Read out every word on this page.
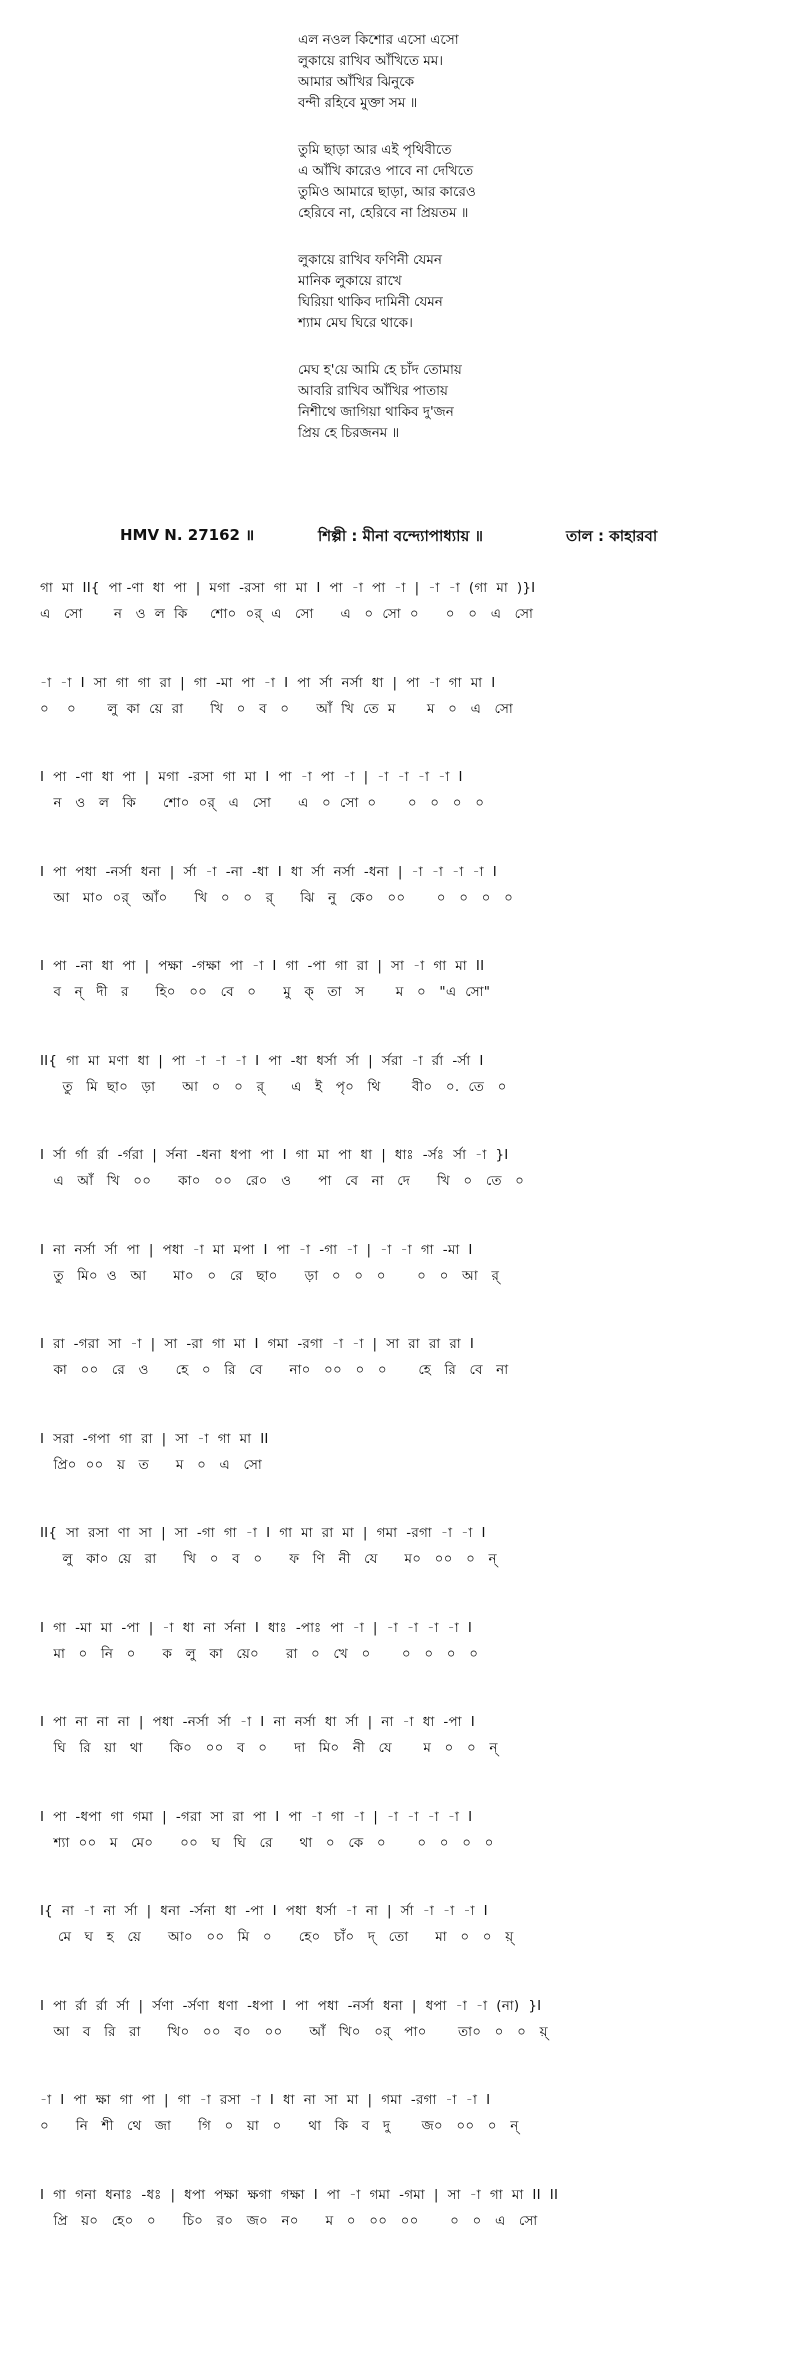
এল নওল কিশোর এসো এসো
লুকায়ে রাখিব আঁখিতে মম।
আমার আঁখির ঝিনুকে
বন্দী রহিবে মুক্তা সম ॥
তুমি ছাড়া আর এই পৃথিবীতে
এ আঁখি কারেও পাবে না দেখিতে
তুমিও আমারে ছাড়া, আর কারেও
হেরিবে না, হেরিবে না প্রিয়তম ॥
লুকায়ে রাখিব ফণিনী যেমন
মানিক লুকায়ে রাখে
ঘিরিয়া থাকিব দামিনী যেমন
শ্যাম মেঘ ঘিরে থাকে।
মেঘ হ'য়ে আমি হে চাঁদ তোমায়
আবরি রাখিব আঁখির পাতায়
নিশীথে জাগিয়া থাকিব দু'জন
প্রিয় হে চিরজনম ॥
HMV N. 27162 ॥	শিল্পী : মীনা বন্দ্যোপাধ্যায় ॥	তাল : কাহারবা
গা  মা  II{  পা -ণা  ধা  পা  |  মগা  -রসা  গা  মা  I  পা  -া  পা  -া  |  -া  -া  (গা  মা  )}I
এ   সো       ন   ও  ল  কি     শো০  ০র্  এ   সো      এ   ০  সো  ০      ০   ০   এ   সো
-া  -া  I  সা  গা  গা  রা  |  গা  -মা  পা  -া  I  পা  র্সা  নর্সা  ধা  |  পা  -া  গা  মা  I
০    ০       লু  কা  য়ে  রা      খি   ০   ব   ০      আঁ  খি  তে  ম       ম   ০   এ   সো
I  পা  -ণা  ধা  পা  |  মগা  -রসা  গা  মা  I  পা  -া  পা  -া  |  -া  -া  -া  -া  I
ন   ও   ল   কি      শো০  ০র্   এ   সো      এ   ০  সো  ০       ০   ০   ০   ০
I  পা  পধা  -নর্সা  ধনা  |  র্সা  -া  -না  -ধা  I  ধা  র্সা  নর্সা  -ধনা  |  -া  -া  -া  -া  I
আ   মা০  ০র্   আঁ০      খি   ০   ০   র্      ঝি   নু   কে০   ০০       ০   ০   ০   ০
I  পা  -না  ধা  পা  |  পক্ষা  -গক্ষা  পা  -া  I  গা  -পা  গা  রা  |  সা  -া  গা  মা  II
ব   ন্   দী   র      হি০   ০০   বে   ০      মু   ক্   তা   স       ম   ০   "এ  সো"
II{  গা  মা  মণা  ধা  |  পা  -া  -া  -া  I  পা  -ধা  ধর্সা  র্সা  |  র্সরা  -া  র্রা  -র্সা  I
তু   মি  ছা০   ড়া      আ   ০   ০   র্      এ   ই   পৃ০   থি       বী০   ০.  তে   ০
I  র্সা  র্গা  র্রা  -র্গরা  |  র্সনা  -ধনা  ধপা  পা  I  গা  মা  পা  ধা  |  ধাঃ  -র্সঃ  র্সা  -া  }I
এ   আঁ   খি   ০০      কা০   ০০   রে০   ও      পা   বে   না   দে      খি   ০   তে   ০
I  না  নর্সা  র্সা  পা  |  পধা  -া  মা  মপা  I  পা  -া  -গা  -া  |  -া  -া  গা  -মা  I
তু   মি০  ও   আ      মা০   ০   রে   ছা০      ড়া   ০   ০   ০       ০   ০   আ   র্
I  রা  -গরা  সা  -া  |  সা  -রা  গা  মা  I  গমা  -রগা  -া  -া  |  সা  রা  রা  রা  I
কা   ০০   রে   ও      হে   ০   রি   বে      না০   ০০   ০   ০       হে   রি   বে   না
I  সরা  -গপা  গা  রা  |  সা  -া  গা  মা  II
প্রি০  ০০   য়   ত      ম   ০   এ   সো
II{  সা  রসা  ণা  সা  |  সা  -গা  গা  -া  I  গা  মা  রা  মা  |  গমা  -রগা  -া  -া  I
লু   কা০  য়ে   রা      খি   ০   ব   ০      ফ   ণি   নী   যে      ম০   ০০   ০   ন্
I  গা  -মা  মা  -পা  |  -া  ধা  না  র্সনা  I  ধাঃ  -পাঃ  পা  -া  |  -া  -া  -া  -া  I
মা   ০   নি   ০      ক   লু   কা   য়ে০      রা   ০   খে   ০       ০   ০   ০   ০
I  পা  না  না  না  |  পধা  -নর্সা  র্সা  -া  I  না  নর্সা  ধা  র্সা  |  না  -া  ধা  -পা  I
ঘি   রি   য়া   থা      কি০   ০০   ব   ০      দা   মি০   নী   যে       ম   ০   ০   ন্
I  পা  -ধপা  গা  গমা  |  -গরা  সা  রা  পা  I  পা  -া  গা  -া  |  -া  -া  -া  -া  I
শ্যা  ০০   ম   মে০      ০০   ঘ   ঘি   রে      থা   ০   কে   ০       ০   ০   ০   ০
I{  না  -া  না  র্সা  |  ধনা  -র্সনা  ধা  -পা  I  পধা  ধর্সা  -া  না  |  র্সা  -া  -া  -া  I
মে   ঘ   হ   য়ে      আ০   ০০   মি   ০      হে০   চাঁ০   দ্   তো      মা   ০   ০   য়্
I  পা  র্রা  র্রা  র্সা  |  র্সণা  -র্সণা  ধণা  -ধপা  I  পা  পধা  -নর্সা  ধনা  |  ধপা  -া  -া  (না)  }I
আ   ব   রি   রা      খি০   ০০   ব০   ০০      আঁ   খি০   ০র্   পা০       তা০   ০   ০   য়্
-া  I  পা  ক্ষা  গা  পা  |  গা  -া  রসা  -া  I  ধা  না  সা  মা  |  গমা  -রগা  -া  -া  I
০      নি   শী   থে   জা      গি   ০   য়া   ০      থা   কি   ব   দু       জ০   ০০   ০   ন্
I  গা  গনা  ধনাঃ  -ধঃ  |  ধপা  পক্ষা  ক্ষগা  গক্ষা  I  পা  -া  গমা  -গমা  |  সা  -া  গা  মা  II  II
প্রি   য়০   হে০   ০      চি০   র০   জ০   ন০      ম   ০   ০০   ০০       ০   ০   এ   সো
